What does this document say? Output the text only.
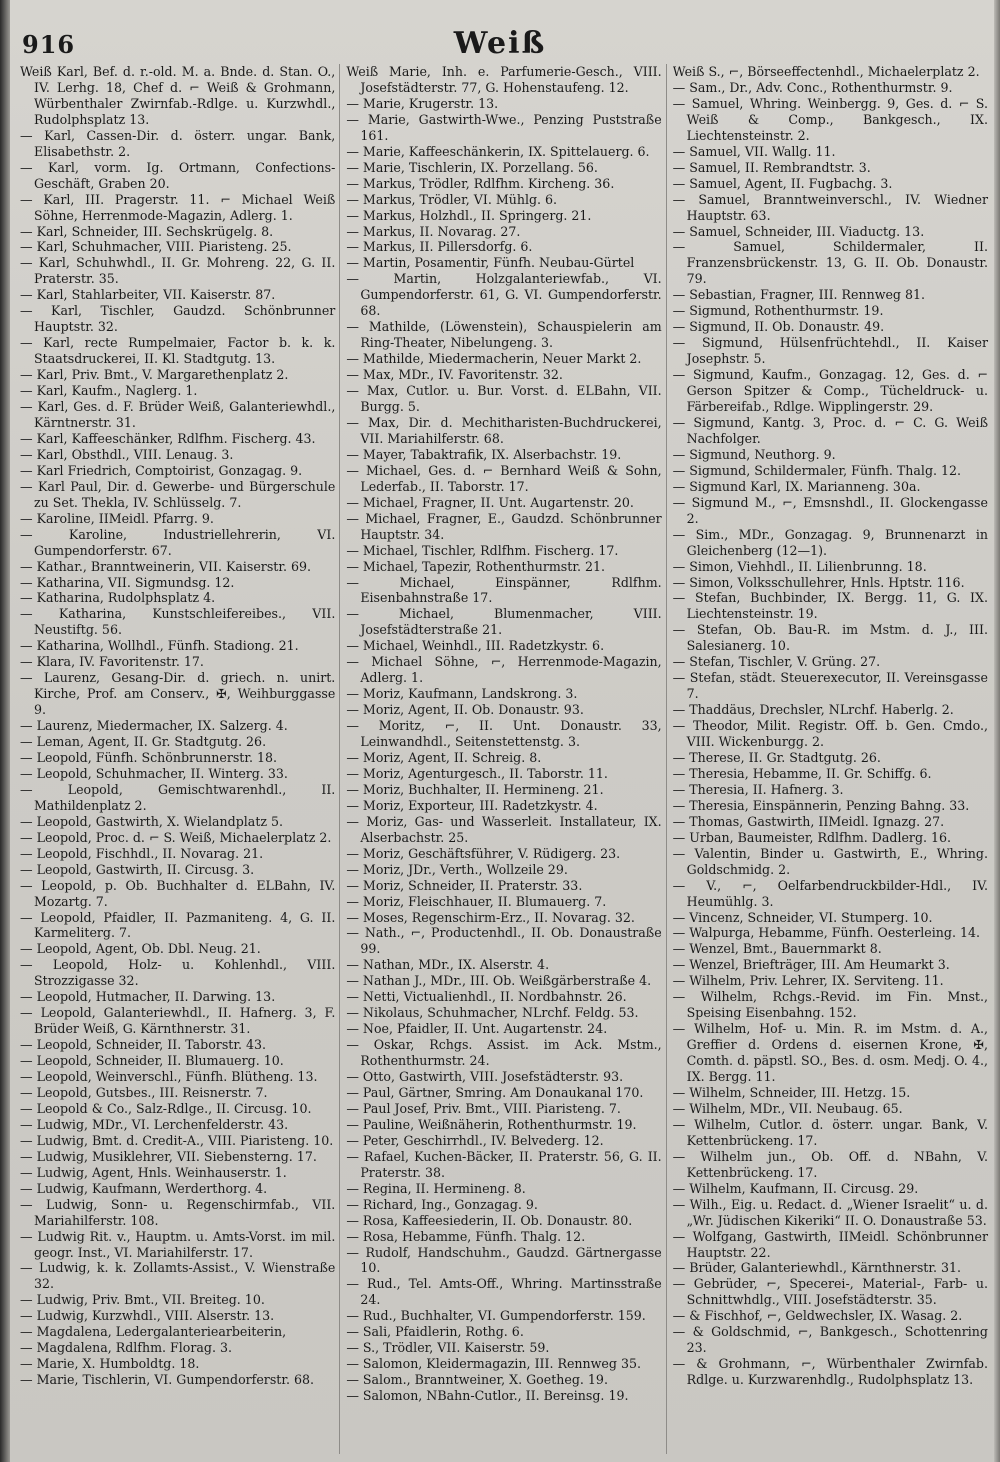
916	Weiß
Weiß Karl, Bef. d. r.-old. M. a. Bnde. d. Stan. O., IV. Lerhg. 18, Chef d. ⌐ Weiß & Grohmann, Würbenthaler Zwirnfab.-Rdlge. u. Kurzwhdl., Rudolphsplatz 13.
— Karl, Cassen-Dir. d. österr. ungar. Bank, Elisabethstr. 2.
— Karl, vorm. Ig. Ortmann, Confections-Geschäft, Graben 20.
— Karl, III. Pragerstr. 11. ⌐ Michael Weiß Söhne, Herrenmode-Magazin, Adlerg. 1.
— Karl, Schneider, III. Sechskrügelg. 8.
— Karl, Schuhmacher, VIII. Piaristeng. 25.
— Karl, Schuhwhdl., II. Gr. Mohreng. 22, G. II. Praterstr. 35.
— Karl, Stahlarbeiter, VII. Kaiserstr. 87.
— Karl, Tischler, Gaudzd. Schönbrunner Hauptstr. 32.
— Karl, recte Rumpelmaier, Factor b. k. k. Staatsdruckerei, II. Kl. Stadtgutg. 13.
— Karl, Priv. Bmt., V. Margarethenplatz 2.
— Karl, Kaufm., Naglerg. 1.
— Karl, Ges. d. F. Brüder Weiß, Galanteriewhdl., Kärntnerstr. 31.
— Karl, Kaffeeschänker, Rdlfhm. Fischerg. 43.
— Karl, Obsthdl., VIII. Lenaug. 3.
— Karl Friedrich, Comptoirist, Gonzagag. 9.
— Karl Paul, Dir. d. Gewerbe- und Bürgerschule zu Set. Thekla, IV. Schlüsselg. 7.
— Karoline, IIMeidl. Pfarrg. 9.
— Karoline, Industriellehrerin, VI. Gumpendorferstr. 67.
— Kathar., Branntweinerin, VII. Kaiserstr. 69.
— Katharina, VII. Sigmundsg. 12.
— Katharina, Rudolphsplatz 4.
— Katharina, Kunstschleifereibes., VII. Neustiftg. 56.
— Katharina, Wollhdl., Fünfh. Stadiong. 21.
— Klara, IV. Favoritenstr. 17.
— Laurenz, Gesang-Dir. d. griech. n. unirt. Kirche, Prof. am Conserv., ✠, Weihburggasse 9.
— Laurenz, Miedermacher, IX. Salzerg. 4.
— Leman, Agent, II. Gr. Stadtgutg. 26.
— Leopold, Fünfh. Schönbrunnerstr. 18.
— Leopold, Schuhmacher, II. Winterg. 33.
— Leopold, Gemischtwarenhdl., II. Mathildenplatz 2.
— Leopold, Gastwirth, X. Wielandplatz 5.
— Leopold, Proc. d. ⌐ S. Weiß, Michaelerplatz 2.
— Leopold, Fischhdl., II. Novarag. 21.
— Leopold, Gastwirth, II. Circusg. 3.
— Leopold, p. Ob. Buchhalter d. ELBahn, IV. Mozartg. 7.
— Leopold, Pfaidler, II. Pazmaniteng. 4, G. II. Karmeliterg. 7.
— Leopold, Agent, Ob. Dbl. Neug. 21.
— Leopold, Holz- u. Kohlenhdl., VIII. Strozzigasse 32.
— Leopold, Hutmacher, II. Darwing. 13.
— Leopold, Galanteriewhdl., II. Hafnerg. 3, F. Brüder Weiß, G. Kärnthnerstr. 31.
— Leopold, Schneider, II. Taborstr. 43.
— Leopold, Schneider, II. Blumauerg. 10.
— Leopold, Weinverschl., Fünfh. Blütheng. 13.
— Leopold, Gutsbes., III. Reisnerstr. 7.
— Leopold & Co., Salz-Rdlge., II. Circusg. 10.
— Ludwig, MDr., VI. Lerchenfelderstr. 43.
— Ludwig, Bmt. d. Credit-A., VIII. Piaristeng. 10.
— Ludwig, Musiklehrer, VII. Siebensterng. 17.
— Ludwig, Agent, Hnls. Weinhauserstr. 1.
— Ludwig, Kaufmann, Werderthorg. 4.
— Ludwig, Sonn- u. Regenschirmfab., VII. Mariahilferstr. 108.
— Ludwig Rit. v., Hauptm. u. Amts-Vorst. im mil. geogr. Inst., VI. Mariahilferstr. 17.
— Ludwig, k. k. Zollamts-Assist., V. Wienstraße 32.
— Ludwig, Priv. Bmt., VII. Breiteg. 10.
— Ludwig, Kurzwhdl., VIII. Alserstr. 13.
— Magdalena, Ledergalanteriearbeiterin,
— Magdalena, Rdlfhm. Florag. 3.
— Marie, X. Humboldtg. 18.
— Marie, Tischlerin, VI. Gumpendorferstr. 68.
Weiß Marie, Inh. e. Parfumerie-Gesch., VIII. Josefstädterstr. 77, G. Hohenstaufeng. 12.
— Marie, Krugerstr. 13.
— Marie, Gastwirth-Wwe., Penzing Puststraße 161.
— Marie, Kaffeeschänkerin, IX. Spittelauerg. 6.
— Marie, Tischlerin, IX. Porzellang. 56.
— Markus, Trödler, Rdlfhm. Kircheng. 36.
— Markus, Trödler, VI. Mühlg. 6.
— Markus, Holzhdl., II. Springerg. 21.
— Markus, II. Novarag. 27.
— Markus, II. Pillersdorfg. 6.
— Martin, Posamentir, Fünfh. Neubau-Gürtel
— Martin, Holzgalanteriewfab., VI. Gumpendorferstr. 61, G. VI. Gumpendorferstr. 68.
— Mathilde, (Löwenstein), Schauspielerin am Ring-Theater, Nibelungeng. 3.
— Mathilde, Miedermacherin, Neuer Markt 2.
— Max, MDr., IV. Favoritenstr. 32.
— Max, Cutlor. u. Bur. Vorst. d. ELBahn, VII. Burgg. 5.
— Max, Dir. d. Mechitharisten-Buchdruckerei, VII. Mariahilferstr. 68.
— Mayer, Tabaktrafik, IX. Alserbachstr. 19.
— Michael, Ges. d. ⌐ Bernhard Weiß & Sohn, Lederfab., II. Taborstr. 17.
— Michael, Fragner, II. Unt. Augartenstr. 20.
— Michael, Fragner, E., Gaudzd. Schönbrunner Hauptstr. 34.
— Michael, Tischler, Rdlfhm. Fischerg. 17.
— Michael, Tapezir, Rothenthurmstr. 21.
— Michael, Einspänner, Rdlfhm. Eisenbahnstraße 17.
— Michael, Blumenmacher, VIII. Josefstädterstraße 21.
— Michael, Weinhdl., III. Radetzkystr. 6.
— Michael Söhne, ⌐, Herrenmode-Magazin, Adlerg. 1.
— Moriz, Kaufmann, Landskrong. 3.
— Moriz, Agent, II. Ob. Donaustr. 93.
— Moritz, ⌐, II. Unt. Donaustr. 33, Leinwandhdl., Seitenstettenstg. 3.
— Moriz, Agent, II. Schreig. 8.
— Moriz, Agenturgesch., II. Taborstr. 11.
— Moriz, Buchhalter, II. Hermineng. 21.
— Moriz, Exporteur, III. Radetzkystr. 4.
— Moriz, Gas- und Wasserleit. Installateur, IX. Alserbachstr. 25.
— Moriz, Geschäftsführer, V. Rüdigerg. 23.
— Moriz, JDr., Verth., Wollzeile 29.
— Moriz, Schneider, II. Praterstr. 33.
— Moriz, Fleischhauer, II. Blumauerg. 7.
— Moses, Regenschirm-Erz., II. Novarag. 32.
— Nath., ⌐, Productenhdl., II. Ob. Donaustraße 99.
— Nathan, MDr., IX. Alserstr. 4.
— Nathan J., MDr., III. Ob. Weißgärberstraße 4.
— Netti, Victualienhdl., II. Nordbahnstr. 26.
— Nikolaus, Schuhmacher, NLrchf. Feldg. 53.
— Noe, Pfaidler, II. Unt. Augartenstr. 24.
— Oskar, Rchgs. Assist. im Ack. Mstm., Rothenthurmstr. 24.
— Otto, Gastwirth, VIII. Josefstädterstr. 93.
— Paul, Gärtner, Smring. Am Donaukanal 170.
— Paul Josef, Priv. Bmt., VIII. Piaristeng. 7.
— Pauline, Weißnäherin, Rothenthurmstr. 19.
— Peter, Geschirrhdl., IV. Belvederg. 12.
— Rafael, Kuchen-Bäcker, II. Praterstr. 56, G. II. Praterstr. 38.
— Regina, II. Hermineng. 8.
— Richard, Ing., Gonzagag. 9.
— Rosa, Kaffeesiederin, II. Ob. Donaustr. 80.
— Rosa, Hebamme, Fünfh. Thalg. 12.
— Rudolf, Handschuhm., Gaudzd. Gärtnergasse 10.
— Rud., Tel. Amts-Off., Whring. Martinsstraße 24.
— Rud., Buchhalter, VI. Gumpendorferstr. 159.
— Sali, Pfaidlerin, Rothg. 6.
— S., Trödler, VII. Kaiserstr. 59.
— Salomon, Kleidermagazin, III. Rennweg 35.
— Salom., Branntweiner, X. Goetheg. 19.
— Salomon, NBahn-Cutlor., II. Bereinsg. 19.
Weiß S., ⌐, Börseeffectenhdl., Michaelerplatz 2.
— Sam., Dr., Adv. Conc., Rothenthurmstr. 9.
— Samuel, Whring. Weinbergg. 9, Ges. d. ⌐ S. Weiß & Comp., Bankgesch., IX. Liechtensteinstr. 2.
— Samuel, VII. Wallg. 11.
— Samuel, II. Rembrandtstr. 3.
— Samuel, Agent, II. Fugbachg. 3.
— Samuel, Branntweinverschl., IV. Wiedner Hauptstr. 63.
— Samuel, Schneider, III. Viaductg. 13.
— Samuel, Schildermaler, II. Franzensbrückenstr. 13, G. II. Ob. Donaustr. 79.
— Sebastian, Fragner, III. Rennweg 81.
— Sigmund, Rothenthurmstr. 19.
— Sigmund, II. Ob. Donaustr. 49.
— Sigmund, Hülsenfrüchtehdl., II. Kaiser Josephstr. 5.
— Sigmund, Kaufm., Gonzagag. 12, Ges. d. ⌐ Gerson Spitzer & Comp., Tücheldruck- u. Färbereifab., Rdlge. Wipplingerstr. 29.
— Sigmund, Kantg. 3, Proc. d. ⌐ C. G. Weiß Nachfolger.
— Sigmund, Neuthorg. 9.
— Sigmund, Schildermaler, Fünfh. Thalg. 12.
— Sigmund Karl, IX. Marianneng. 30a.
— Sigmund M., ⌐, Emsnshdl., II. Glockengasse 2.
— Sim., MDr., Gonzagag. 9, Brunnenarzt in Gleichenberg (12—1).
— Simon, Viehhdl., II. Lilienbrunng. 18.
— Simon, Volksschullehrer, Hnls. Hptstr. 116.
— Stefan, Buchbinder, IX. Bergg. 11, G. IX. Liechtensteinstr. 19.
— Stefan, Ob. Bau-R. im Mstm. d. J., III. Salesianerg. 10.
— Stefan, Tischler, V. Grüng. 27.
— Stefan, städt. Steuerexecutor, II. Vereinsgasse 7.
— Thaddäus, Drechsler, NLrchf. Haberlg. 2.
— Theodor, Milit. Registr. Off. b. Gen. Cmdo., VIII. Wickenburgg. 2.
— Therese, II. Gr. Stadtgutg. 26.
— Theresia, Hebamme, II. Gr. Schiffg. 6.
— Theresia, II. Hafnerg. 3.
— Theresia, Einspännerin, Penzing Bahng. 33.
— Thomas, Gastwirth, IIMeidl. Ignazg. 27.
— Urban, Baumeister, Rdlfhm. Dadlerg. 16.
— Valentin, Binder u. Gastwirth, E., Whring. Goldschmidg. 2.
— V., ⌐, Oelfarbendruckbilder-Hdl., IV. Heumühlg. 3.
— Vincenz, Schneider, VI. Stumperg. 10.
— Walpurga, Hebamme, Fünfh. Oesterleing. 14.
— Wenzel, Bmt., Bauernmarkt 8.
— Wenzel, Briefträger, III. Am Heumarkt 3.
— Wilhelm, Priv. Lehrer, IX. Serviteng. 11.
— Wilhelm, Rchgs.-Revid. im Fin. Mnst., Speising Eisenbahng. 152.
— Wilhelm, Hof- u. Min. R. im Mstm. d. A., Greffier d. Ordens d. eisernen Krone, ✠, Comth. d. päpstl. SO., Bes. d. osm. Medj. O. 4., IX. Bergg. 11.
— Wilhelm, Schneider, III. Hetzg. 15.
— Wilhelm, MDr., VII. Neubaug. 65.
— Wilhelm, Cutlor. d. österr. ungar. Bank, V. Kettenbrückeng. 17.
— Wilhelm jun., Ob. Off. d. NBahn, V. Kettenbrückeng. 17.
— Wilhelm, Kaufmann, II. Circusg. 29.
— Wilh., Eig. u. Redact. d. „Wiener Israelit“ u. d. „Wr. Jüdischen Kikeriki“ II. O. Donaustraße 53.
— Wolfgang, Gastwirth, IIMeidl. Schönbrunner Hauptstr. 22.
— Brüder, Galanteriewhdl., Kärnthnerstr. 31.
— Gebrüder, ⌐, Specerei-, Material-, Farb- u. Schnittwhdlg., VIII. Josefstädterstr. 35.
— & Fischhof, ⌐, Geldwechsler, IX. Wasag. 2.
— & Goldschmid, ⌐, Bankgesch., Schottenring 23.
— & Grohmann, ⌐, Würbenthaler Zwirnfab. Rdlge. u. Kurzwarenhdlg., Rudolphsplatz 13.
